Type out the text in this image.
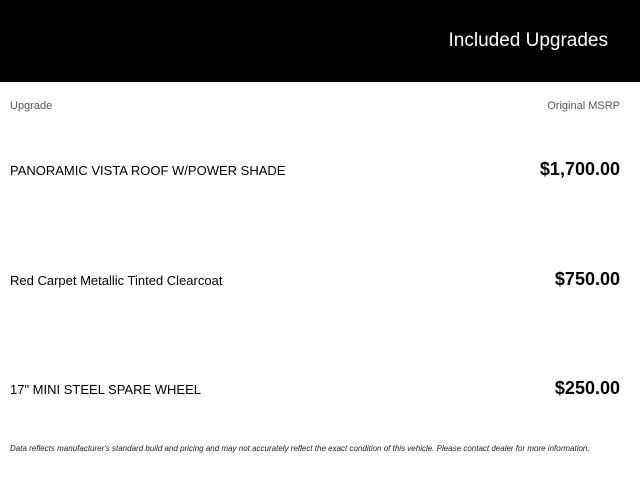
Included Upgrades
Upgrade	Original MSRP
PANORAMIC VISTA ROOF W/POWER SHADE	$1,700.00
Red Carpet Metallic Tinted Clearcoat	$750.00
17" MINI STEEL SPARE WHEEL	$250.00

Data reflects manufacturer's standard build and pricing and may not accurately reflect the exact condition of this vehicle. Please contact dealer for more information.
